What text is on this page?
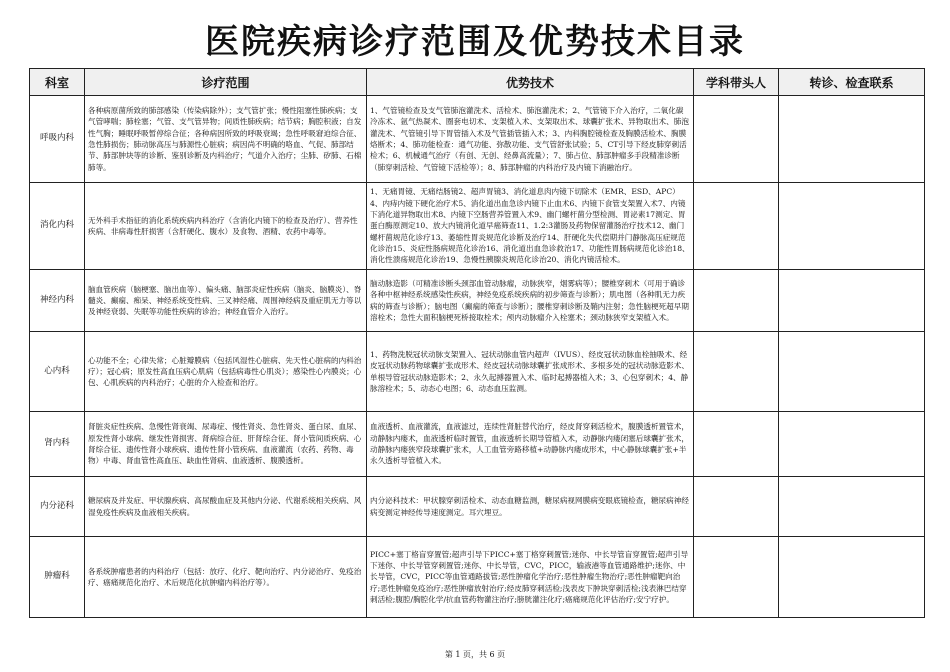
医院疾病诊疗范围及优势技术目录
科室	诊疗范围	优势技术	学科带头人	转诊、检查联系
呼吸内科	各种病原菌所致的肺部感染（传染病除外）；支气管扩张；慢性阻塞性肺疾病；支气管哮喘；肺栓塞；气管、支气管异物；间质性肺疾病；结节病；胸腔积液；自发性气胸；睡眠呼吸暂停综合征；各种病因所致的呼吸衰竭；急性呼吸窘迫综合征、急性肺损伤；肺动脉高压与肺源性心脏病；病因尚不明确的咯血、气促、肺部结节、肺部肿块等的诊断、鉴别诊断及内科治疗；气道介入治疗；尘肺、矽肺、石棉肺等。	1、气管镜检查及支气管肺泡灌洗术、活检术、肺泡灌洗术；2、气管镜下介入治疗，二氧化碳冷冻术、氩气热凝术、圈套电切术、支架植入术、支架取出术、球囊扩张术、异物取出术、肺泡灌洗术、气管镜引导下胃管插入术及气管插管插入术；3、内科胸腔镜检查及胸膜活检术、胸膜烙断术；4、肺功能检查：通气功能、弥散功能、支气管舒张试验；5、CT引导下经皮肺穿刺活检术；6、机械通气治疗（有创、无创、经鼻高流量）；7、肺占位、肺部肿瘤多手段精准诊断（肺穿刺活检、气管镜下活检等）；8、肺部肿瘤的内科治疗及内镜下消融治疗。		
消化内科	无外科手术指征的消化系统疾病内科治疗（含消化内镜下的检查及治疗）、营养性疾病、非病毒性肝损害（含肝硬化、腹水）及食物、酒精、农药中毒等。	1、无痛胃镜、无痛结肠镜2、超声胃镜3、消化道息肉内镜下切除术（EMR、ESD、APC）4、内痔内镜下硬化治疗术5、消化道出血急诊内镜下止血术6、内镜下食管支架置入术7、内镜下消化道异物取出术8、内镜下空肠营养管置入术9、幽门螺杆菌分型检测、胃泌素17测定、胃蛋白酶原测定10、放大内镜消化道早癌筛查11、1.2:3灌肠及药物保留灌肠治疗技术12、幽门螺杆菌规范化诊疗13、萎缩性胃炎规范化诊断及治疗14、肝硬化失代偿期并门静脉高压症规范化诊治15、炎症性肠病规范化诊治16、消化道出血急诊救治17、功能性胃肠病规范化诊治18、消化性溃疡规范化诊治19、急慢性胰腺炎规范化诊治20、消化内镜活检术。		
神经内科	脑血管疾病（脑梗塞、脑出血等）、偏头痛、脑部炎症性疾病（脑炎、脑膜炎）、脊髓炎、癫痫、痴呆、神经系统变性病、三叉神经痛、周围神经病及重症肌无力等以及神经衰弱、失眠等功能性疾病的诊治；神经血管介入治疗。	脑动脉造影（可精准诊断头颈部血管动脉瘤，动脉狭窄，烟雾病等）；腰椎穿刺术（可用于确诊各种中枢神经系统感染性疾病，神经免疫系统疾病的初步筛查与诊断）；肌电图（各种肌无力疾病的筛查与诊断）；脑电图（癫痫的筛查与诊断）；腰椎穿刺诊断及鞘内注射；急性脑梗死超早期溶栓术；急性大面积脑梗死桥接取栓术；颅内动脉瘤介入栓塞术；颈动脉狭窄支架植入术。		
心内科	心功能不全；心律失常；心脏瓣膜病（包括风湿性心脏病、先天性心脏病的内科治疗）；冠心病；原发性高血压病心肌病（包括病毒性心肌炎）；感染性心内膜炎；心包、心肌疾病的内科治疗；心脏的介入检查和治疗。	1、药物洗脱冠状动脉支架置入、冠状动脉血管内超声（IVUS）、经皮冠状动脉血栓抽吸术、经皮冠状动脉药物球囊扩张成形术、经皮冠状动脉球囊扩张成形术、多根多处的冠状动脉造影术、单根导管冠状动脉造影术；2、永久起搏器置入术、临时起搏器植入术；3、心包穿刺术；4、静脉溶栓术；5、动态心电图；6、动态血压监测。		
肾内科	肾脏炎症性疾病、急慢性肾衰竭、尿毒症、慢性肾炎、急性肾炎、蛋白尿、血尿、原发性肾小球病、继发性肾损害、肾病综合征、肝肾综合征、肾小管间质疾病、心肾综合征、遗传性肾小球疾病、遗传性肾小管疾病、血液灌流（农药、药物、毒物）中毒、肾血管性高血压、缺血性肾病、血液透析、腹膜透析。	血液透析、血液灌流，血液滤过，连续性肾脏替代治疗，经皮肾穿刺活检术，腹膜透析置管术，动静脉内瘘术，血液透析临时置管，血液透析长期导管植入术，动静脉内瘘闭塞后球囊扩张术，动静脉内瘘狭窄段球囊扩张术，人工血管旁路移植+动静脉内瘘成形术，中心静脉球囊扩张+半永久透析导管植入术。		
内分泌科	糖尿病及并发症、甲状腺疾病、高尿酸血症及其他内分泌、代谢系统相关疾病、风湿免疫性疾病及血液相关疾病。	内分泌科技术：甲状腺穿刺活检术、动态血糖监测，糖尿病视网膜病变眼底镜检查，糖尿病神经病变测定神经传导速度测定。耳穴埋豆。		
肿瘤科	各系统肿瘤患者的内科治疗（包括：放疗、化疗、靶向治疗、内分泌治疗、免疫治疗、癌痛规范化治疗、术后规范化抗肿瘤内科治疗等）。	PICC+塞丁格盲穿置管;超声引导下PICC+塞丁格穿刺置管;迷你、中长导管盲穿置管;超声引导下迷你、中长导管穿刺置管;迷你、中长导管，CVC，PICC，输液港等血管通路维护;迷你、中长导管，CVC，PICC等血管通路拔管;恶性肿瘤化学治疗;恶性肿瘤生物治疗;恶性肿瘤靶向治疗;恶性肿瘤免疫治疗;恶性肿瘤放射治疗;经皮肺穿刺活检;浅表皮下肿块穿刺活检;浅表淋巴结穿刺活检;腹腔/胸腔化学/抗血管药物灌注治疗;膀胱灌注化疗;癌痛规范化评估治疗;安宁疗护。		
第 1 页，共 6 页
